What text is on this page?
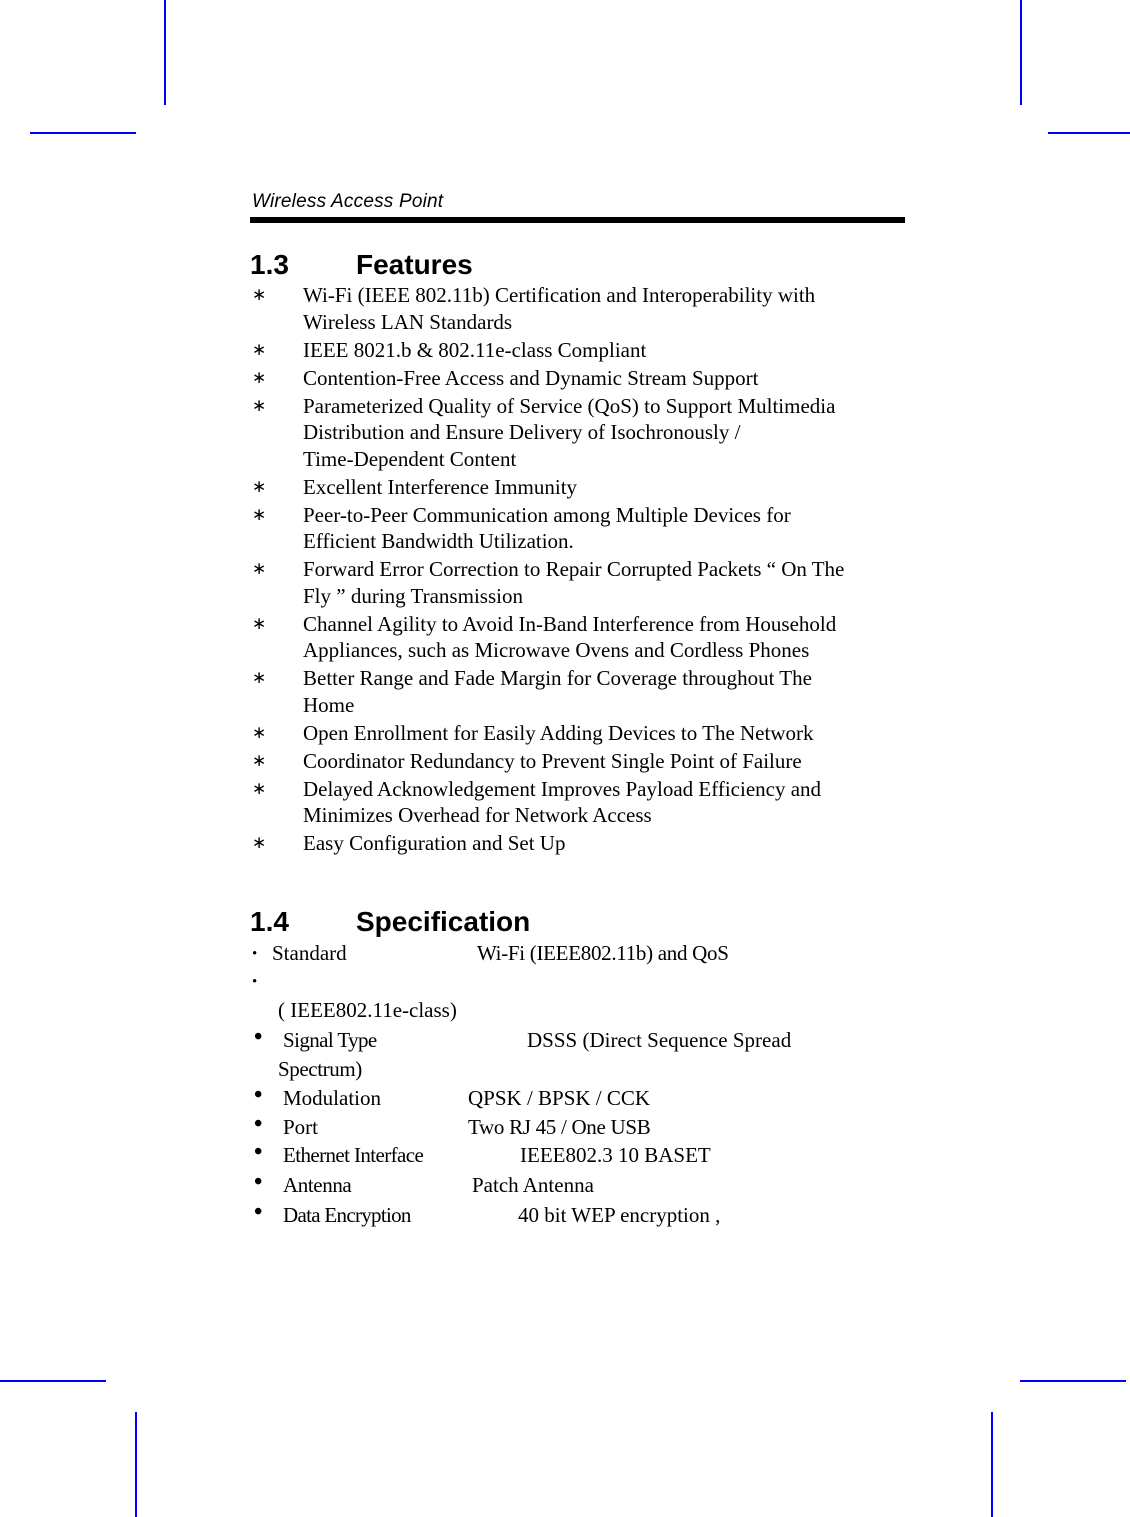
Wireless Access Point
1.3 Features
∗	Wi-Fi (IEEE 802.11b) Certification and Interoperability with
Wireless LAN Standards
∗	IEEE 8021.b & 802.11e-class Compliant
∗	Contention-Free Access and Dynamic Stream Support
∗	Parameterized Quality of Service (QoS) to Support Multimedia
Distribution and Ensure Delivery of Isochronously /
Time-Dependent Content
∗	Excellent Interference Immunity
∗	Peer-to-Peer Communication among Multiple Devices for
Efficient Bandwidth Utilization.
∗	Forward Error Correction to Repair Corrupted Packets “ On The
Fly ” during Transmission
∗	Channel Agility to Avoid In-Band Interference from Household
Appliances, such as Microwave Ovens and Cordless Phones
∗	Better Range and Fade Margin for Coverage throughout The
Home
∗	Open Enrollment for Easily Adding Devices to The Network
∗	Coordinator Redundancy to Prevent Single Point of Failure
∗	Delayed Acknowledgement Improves Payload Efficiency and
Minimizes Overhead for Network Access
∗	Easy Configuration and Set Up
1.4 Specification
• Standard	Wi-Fi (IEEE802.11b) and QoS
•
( IEEE802.11e-class)
• Signal Type	DSSS (Direct Sequence Spread
Spectrum)
• Modulation	QPSK / BPSK / CCK
• Port	Two RJ 45 / One USB
• Ethernet Interface	IEEE802.3 10 BASET
• Antenna	Patch Antenna
• Data Encryption	40 bit WEP encryption ,
